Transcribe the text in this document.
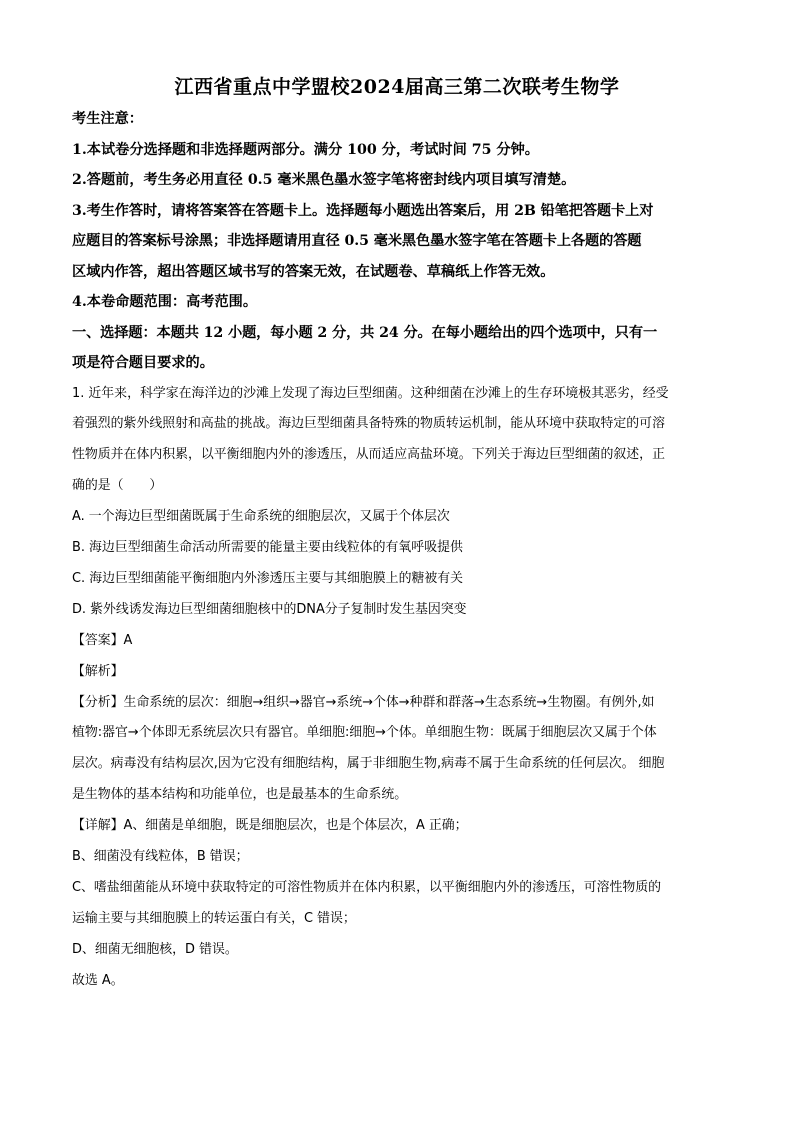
江西省重点中学盟校2024届高三第二次联考生物学

考生注意：

1.本试卷分选择题和非选择题两部分。满分 100 分，考试时间 75 分钟。

2.答题前，考生务必用直径 0.5 毫米黑色墨水签字笔将密封线内项目填写清楚。

3.考生作答时，请将答案答在答题卡上。选择题每小题选出答案后，用 2B 铅笔把答题卡上对

应题目的答案标号涂黑；非选择题请用直径 0.5 毫米黑色墨水签字笔在答题卡上各题的答题

区域内作答，超出答题区域书写的答案无效，在试题卷、草稿纸上作答无效。

4.本卷命题范围：高考范围。

一、选择题：本题共 12 小题，每小题 2 分，共 24 分。在每小题给出的四个选项中，只有一

项是符合题目要求的。

1. 近年来，科学家在海洋边的沙滩上发现了海边巨型细菌。这种细菌在沙滩上的生存环境极其恶劣，经受

着强烈的紫外线照射和高盐的挑战。海边巨型细菌具备特殊的物质转运机制，能从环境中获取特定的可溶

性物质并在体内积累，以平衡细胞内外的渗透压，从而适应高盐环境。下列关于海边巨型细菌的叙述，正

确的是（　　）

A. 一个海边巨型细菌既属于生命系统的细胞层次，又属于个体层次

B. 海边巨型细菌生命活动所需要的能量主要由线粒体的有氧呼吸提供

C. 海边巨型细菌能平衡细胞内外渗透压主要与其细胞膜上的糖被有关

D. 紫外线诱发海边巨型细菌细胞核中的DNA分子复制时发生基因突变

【答案】A

【解析】

【分析】生命系统的层次：细胞→组织→器官→系统→个体→种群和群落→生态系统→生物圈。有例外,如

植物:器官→个体即无系统层次只有器官。单细胞:细胞→个体。单细胞生物：既属于细胞层次又属于个体

层次。病毒没有结构层次,因为它没有细胞结构，属于非细胞生物,病毒不属于生命系统的任何层次。 细胞

是生物体的基本结构和功能单位，也是最基本的生命系统。

【详解】A、细菌是单细胞，既是细胞层次，也是个体层次，A 正确；

B、细菌没有线粒体，B 错误；

C、嗜盐细菌能从环境中获取特定的可溶性物质并在体内积累，以平衡细胞内外的渗透压，可溶性物质的

运输主要与其细胞膜上的转运蛋白有关，C 错误；

D、细菌无细胞核，D 错误。

故选 A。
